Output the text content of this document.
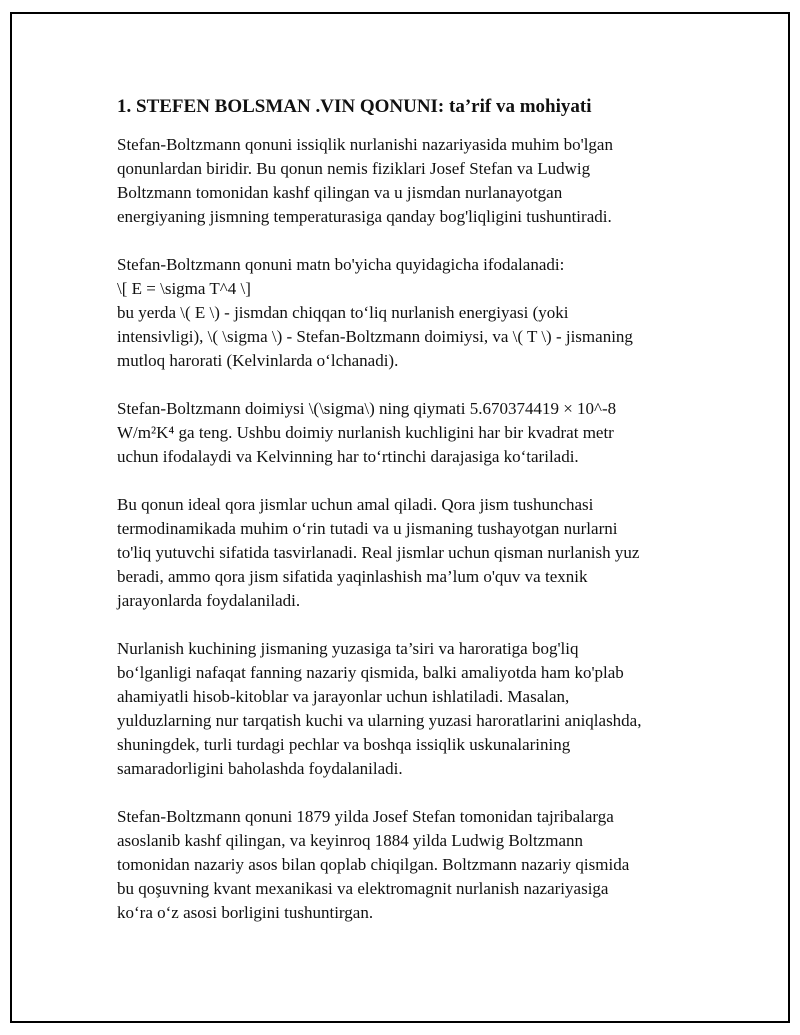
1. STEFEN BOLSMAN .VIN QONUNI: ta’rif va mohiyati

Stefan-Boltzmann qonuni issiqlik nurlanishi nazariyasida muhim bo'lgan
qonunlardan biridir. Bu qonun nemis fiziklari Josef Stefan va Ludwig
Boltzmann tomonidan kashf qilingan va u jismdan nurlanayotgan
energiyaning jismning temperaturasiga qanday bog'liqligini tushuntiradi.

Stefan-Boltzmann qonuni matn bo'yicha quyidagicha ifodalanadi:
\[ E = \sigma T^4 \]
bu yerda \( E \) - jismdan chiqqan to‘liq nurlanish energiyasi (yoki
intensivligi), \( \sigma \) - Stefan-Boltzmann doimiysi, va \( T \) - jismaning
mutloq harorati (Kelvinlarda o‘lchanadi).

Stefan-Boltzmann doimiysi \(\sigma\) ning qiymati 5.670374419 × 10^-8
W/m²K⁴ ga teng. Ushbu doimiy nurlanish kuchligini har bir kvadrat metr
uchun ifodalaydi va Kelvinning har to‘rtinchi darajasiga ko‘tariladi.

Bu qonun ideal qora jismlar uchun amal qiladi. Qora jism tushunchasi
termodinamikada muhim o‘rin tutadi va u jismaning tushayotgan nurlarni
to'liq yutuvchi sifatida tasvirlanadi. Real jismlar uchun qisman nurlanish yuz
beradi, ammo qora jism sifatida yaqinlashish ma’lum o'quv va texnik
jarayonlarda foydalaniladi.

Nurlanish kuchining jismaning yuzasiga ta’siri va haroratiga bog'liq
bo‘lganligi nafaqat fanning nazariy qismida, balki amaliyotda ham ko'plab
ahamiyatli hisob-kitoblar va jarayonlar uchun ishlatiladi. Masalan,
yulduzlarning nur tarqatish kuchi va ularning yuzasi haroratlarini aniqlashda,
shuningdek, turli turdagi pechlar va boshqa issiqlik uskunalarining
samaradorligini baholashda foydalaniladi.

Stefan-Boltzmann qonuni 1879 yilda Josef Stefan tomonidan tajribalarga
asoslanib kashf qilingan, va keyinroq 1884 yilda Ludwig Boltzmann
tomonidan nazariy asos bilan qoplab chiqilgan. Boltzmann nazariy qismida
bu qoşuvning kvant mexanikasi va elektromagnit nurlanish nazariyasiga
ko‘ra o‘z asosi borligini tushuntirgan.
